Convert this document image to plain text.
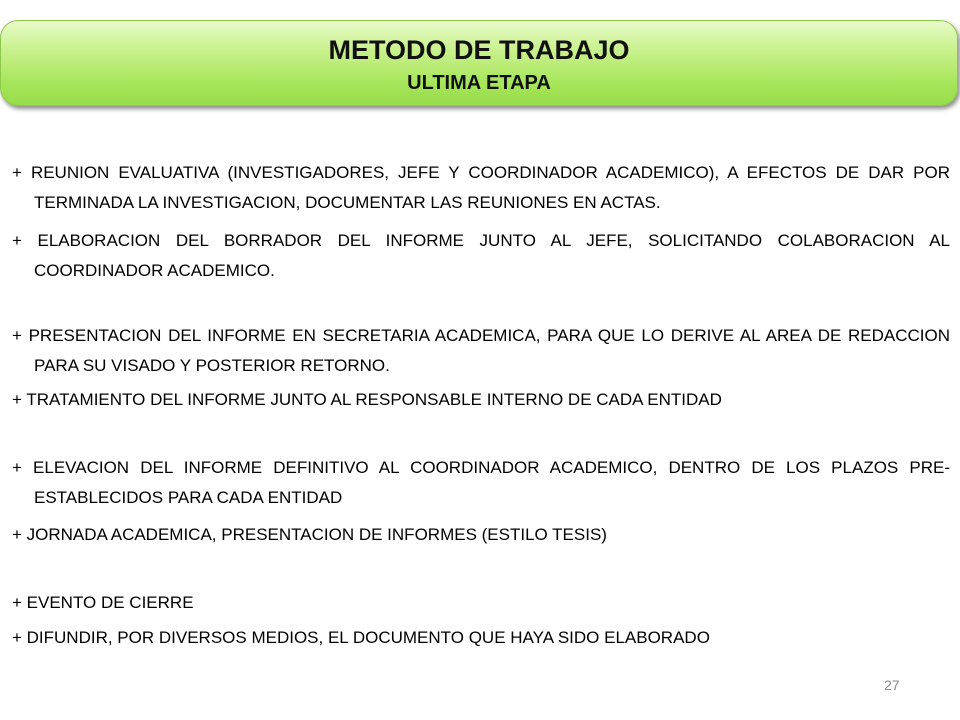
METODO DE TRABAJO
ULTIMA ETAPA
+ REUNION EVALUATIVA (INVESTIGADORES, JEFE Y COORDINADOR ACADEMICO), A EFECTOS DE DAR POR TERMINADA LA INVESTIGACION, DOCUMENTAR LAS REUNIONES EN ACTAS.
+ ELABORACION DEL BORRADOR DEL INFORME JUNTO AL JEFE, SOLICITANDO COLABORACION AL COORDINADOR ACADEMICO.
+ PRESENTACION DEL INFORME EN SECRETARIA ACADEMICA, PARA QUE LO DERIVE AL AREA DE REDACCION PARA SU VISADO Y POSTERIOR RETORNO.
+ TRATAMIENTO DEL INFORME JUNTO AL RESPONSABLE INTERNO DE CADA ENTIDAD
+ ELEVACION DEL INFORME DEFINITIVO AL COORDINADOR ACADEMICO, DENTRO DE LOS PLAZOS PRE-ESTABLECIDOS PARA CADA ENTIDAD
+ JORNADA ACADEMICA, PRESENTACION DE INFORMES (ESTILO TESIS)
+ EVENTO DE CIERRE
+ DIFUNDIR, POR DIVERSOS MEDIOS, EL DOCUMENTO QUE HAYA SIDO ELABORADO
27
